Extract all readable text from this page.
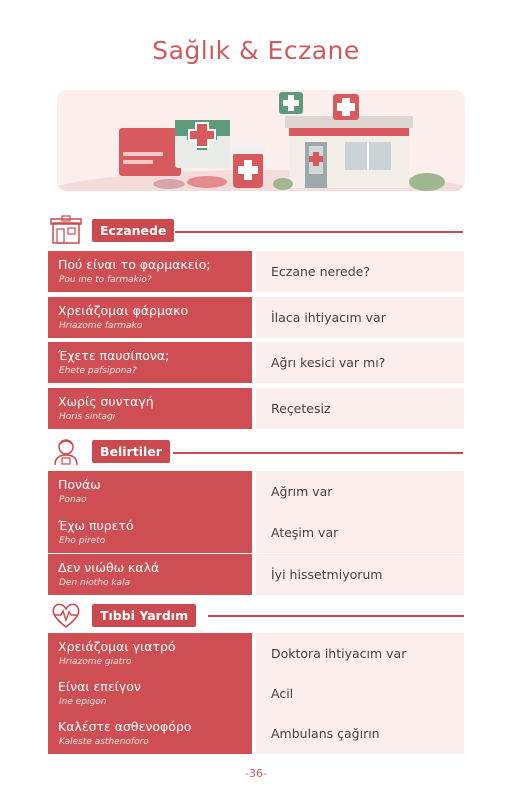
Sağlık & Eczane
Eczanede
Πού είναι το φαρμακείο;
Pou ine to farmakio?
Eczane nerede?
Χρειάζομαι φάρμακο
Hriazome farmako
İlaca ihtiyacım var
Έχετε παυσίπονα;
Ehete pafsipona?
Ağrı kesici var mı?
Χωρίς συνταγή
Horis sintagi
Reçetesiz
Belirtiler
Πονάω
Ponao
Ağrım var
Έχω πυρετό
Eho pireto
Ateşim var
Δεν νιώθω καλά
Den niotho kala
İyi hissetmiyorum
Tıbbi Yardım
Χρειάζομαι γιατρό
Hriazome giatro
Doktora ihtiyacım var
Είναι επείγον
Ine epigon
Acil
Καλέστε ασθενοφόρο
Kaleste asthenoforo
Ambulans çağırın
-36-
